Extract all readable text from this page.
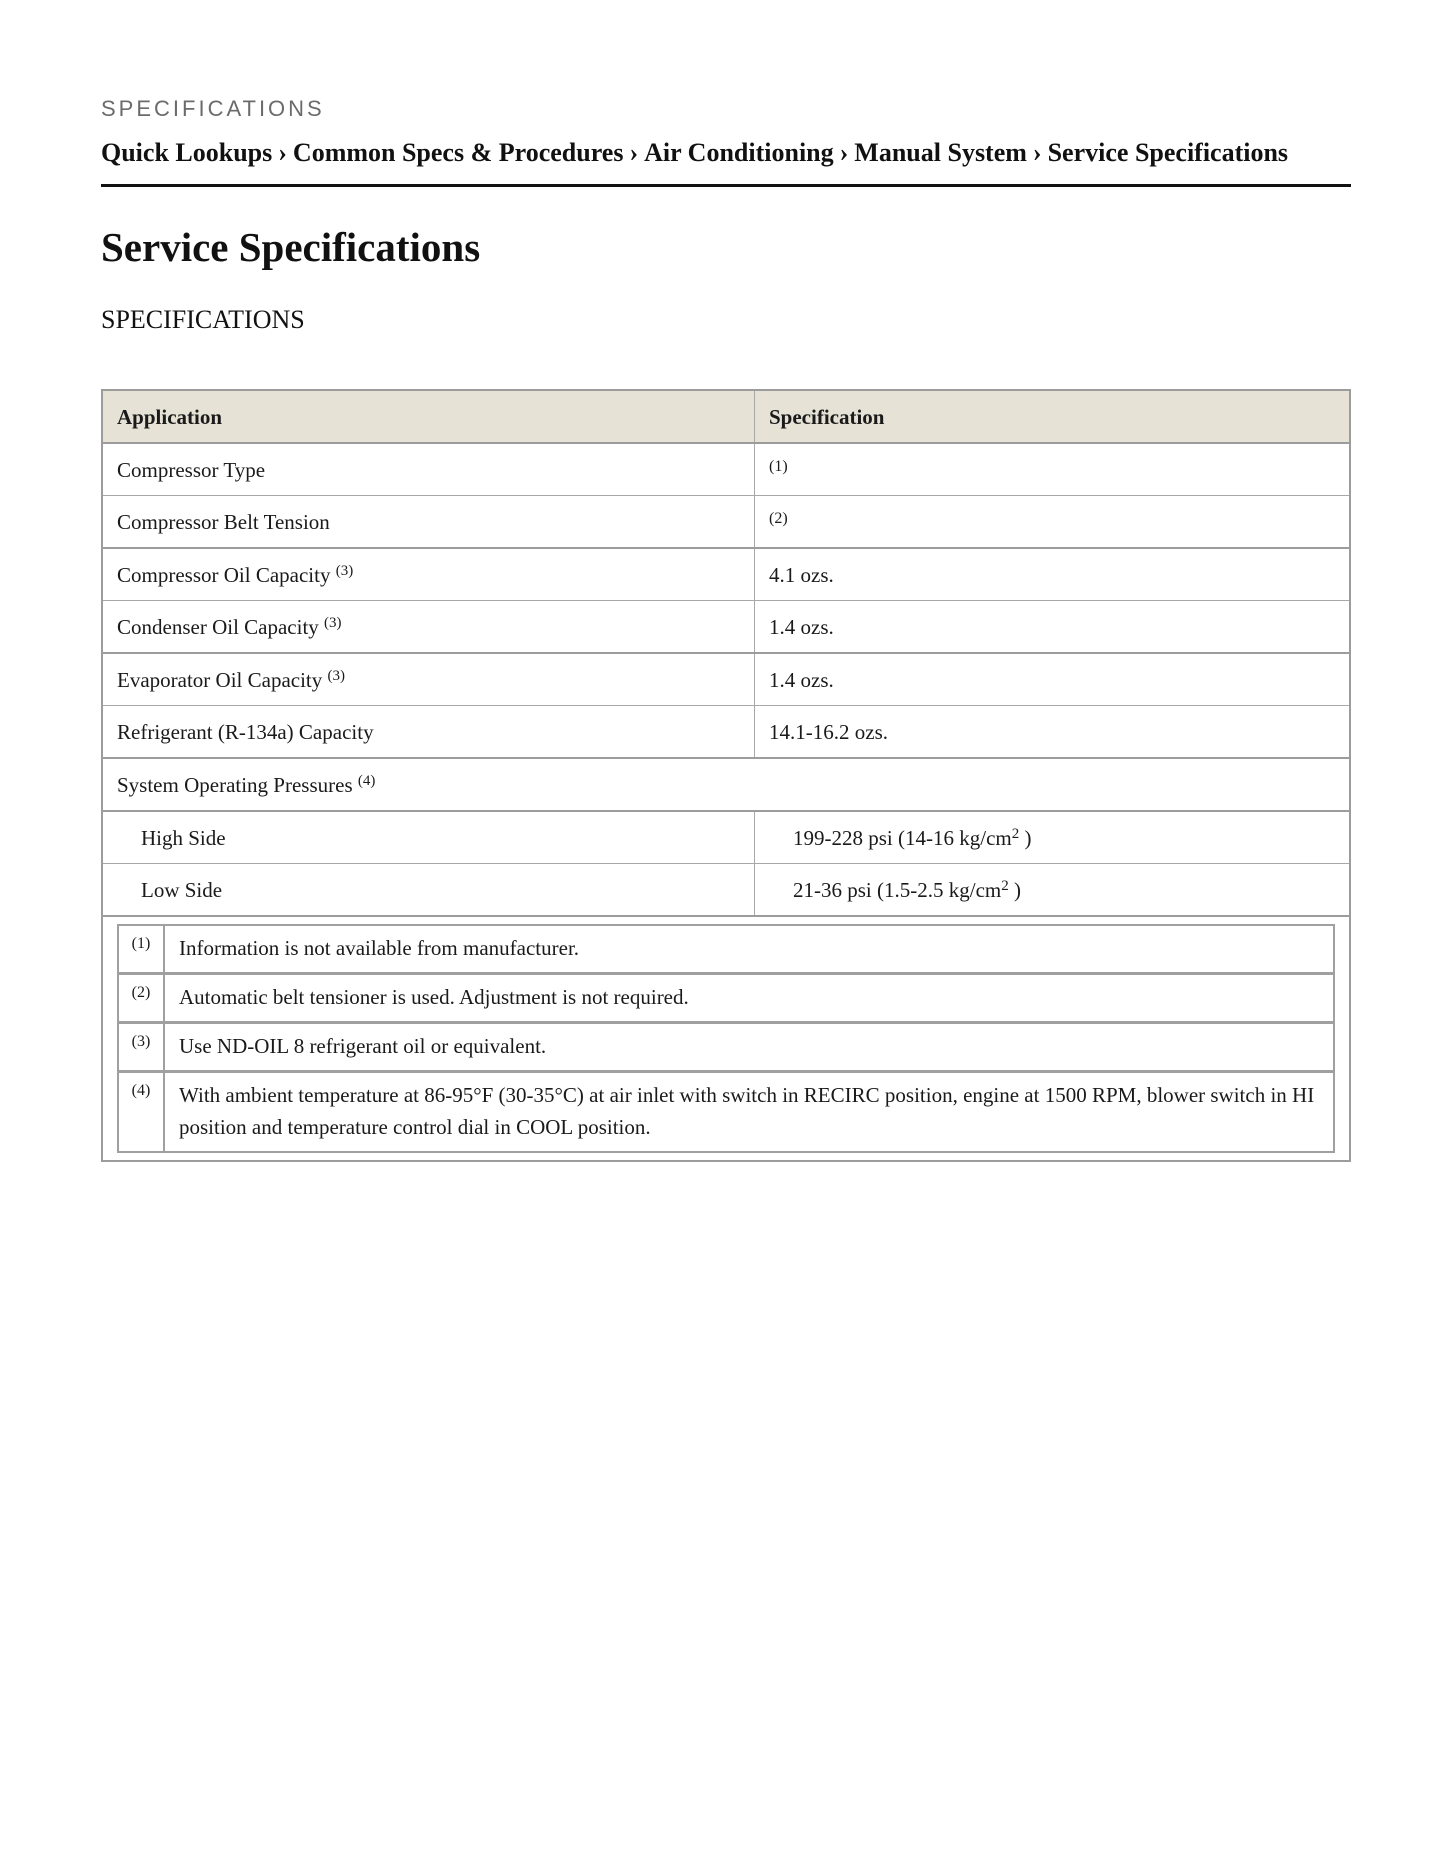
SPECIFICATIONS
Quick Lookups › Common Specs & Procedures › Air Conditioning › Manual System › Service Specifications
Service Specifications
SPECIFICATIONS
Application	Specification
Compressor Type	$^{(1)}$
Compressor Belt Tension	$^{(2)}$
Compressor Oil Capacity $^{(3)}$	4.1 ozs.
Condenser Oil Capacity $^{(3)}$	1.4 ozs.
Evaporator Oil Capacity $^{(3)}$	1.4 ozs.
Refrigerant (R-134a) Capacity	14.1-16.2 ozs.
System Operating Pressures $^{(4)}$
High Side	199-228 psi (14-16 $kg/cm^2$ )
Low Side	21-36 psi (1.5-2.5 $kg/cm^2$ )

(1)	Information is not available from manufacturer.
(2)	Automatic belt tensioner is used. Adjustment is not required.
(3)	Use ND-OIL 8 refrigerant oil or equivalent.
(4)	With ambient temperature at 86-95°F (30-35°C) at air inlet with switch in RECIRC position, engine at 1500 RPM, blower switch in HI position and temperature control dial in COOL position.
